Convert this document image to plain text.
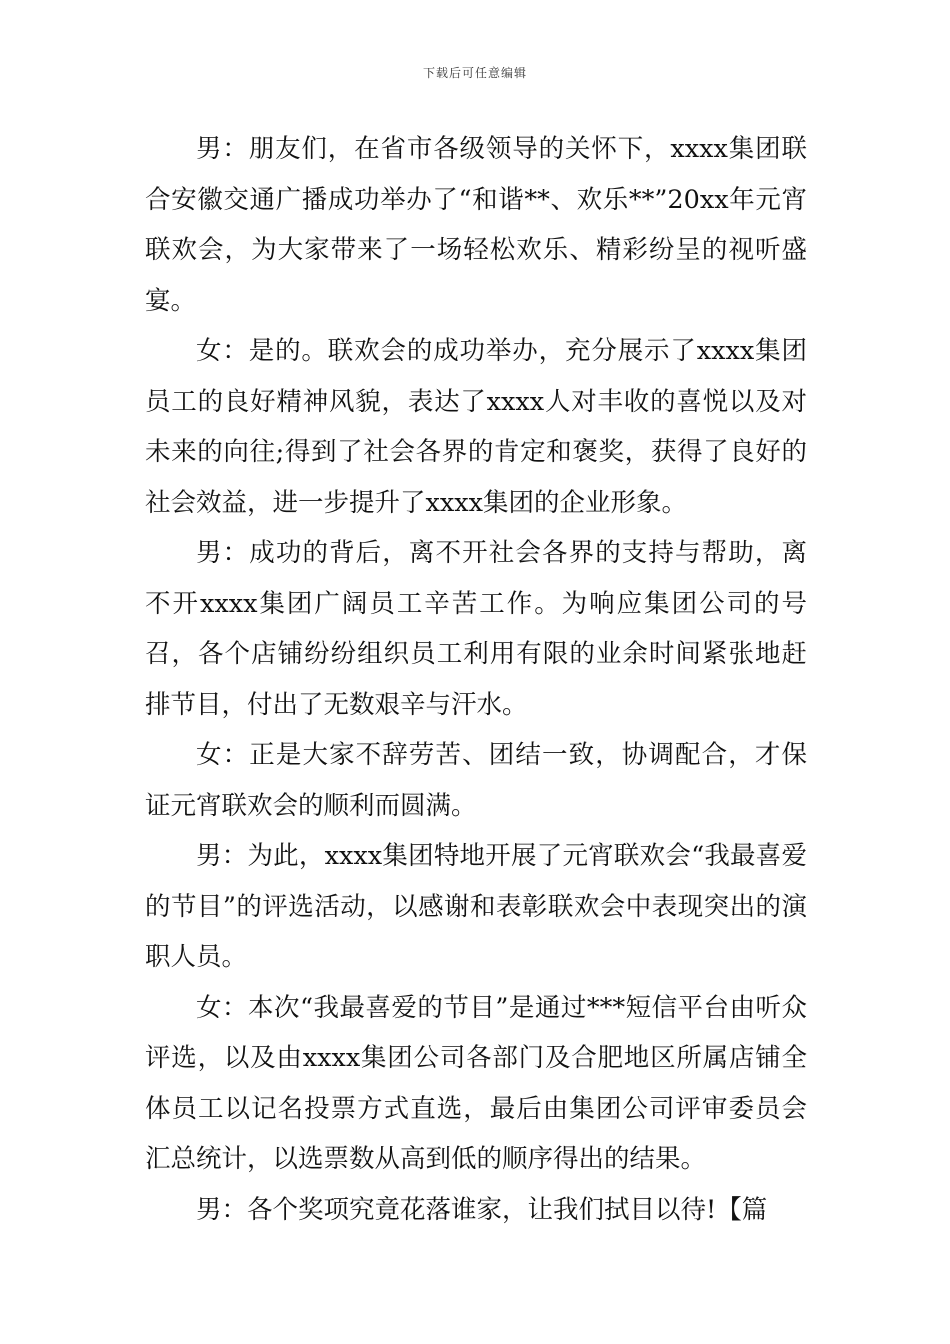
下载后可任意编辑

男：朋友们，在省市各级领导的关怀下，xxxx集团联合安徽交通广播成功举办了“和谐**、欢乐**”20xx年元宵联欢会，为大家带来了一场轻松欢乐、精彩纷呈的视听盛宴。

女：是的。联欢会的成功举办，充分展示了xxxx集团员工的良好精神风貌，表达了xxxx人对丰收的喜悦以及对未来的向往;得到了社会各界的肯定和褒奖，获得了良好的社会效益，进一步提升了xxxx集团的企业形象。

男：成功的背后，离不开社会各界的支持与帮助，离不开xxxx集团广阔员工辛苦工作。为响应集团公司的号召，各个店铺纷纷组织员工利用有限的业余时间紧张地赶排节目，付出了无数艰辛与汗水。

女：正是大家不辞劳苦、团结一致，协调配合，才保证元宵联欢会的顺利而圆满。

男：为此，xxxx集团特地开展了元宵联欢会“我最喜爱的节目”的评选活动，以感谢和表彰联欢会中表现突出的演职人员。

女：本次“我最喜爱的节目”是通过***短信平台由听众评选，以及由xxxx集团公司各部门及合肥地区所属店铺全体员工以记名投票方式直选，最后由集团公司评审委员会汇总统计，以选票数从高到低的顺序得出的结果。

男：各个奖项究竟花落谁家，让我们拭目以待!【篇
